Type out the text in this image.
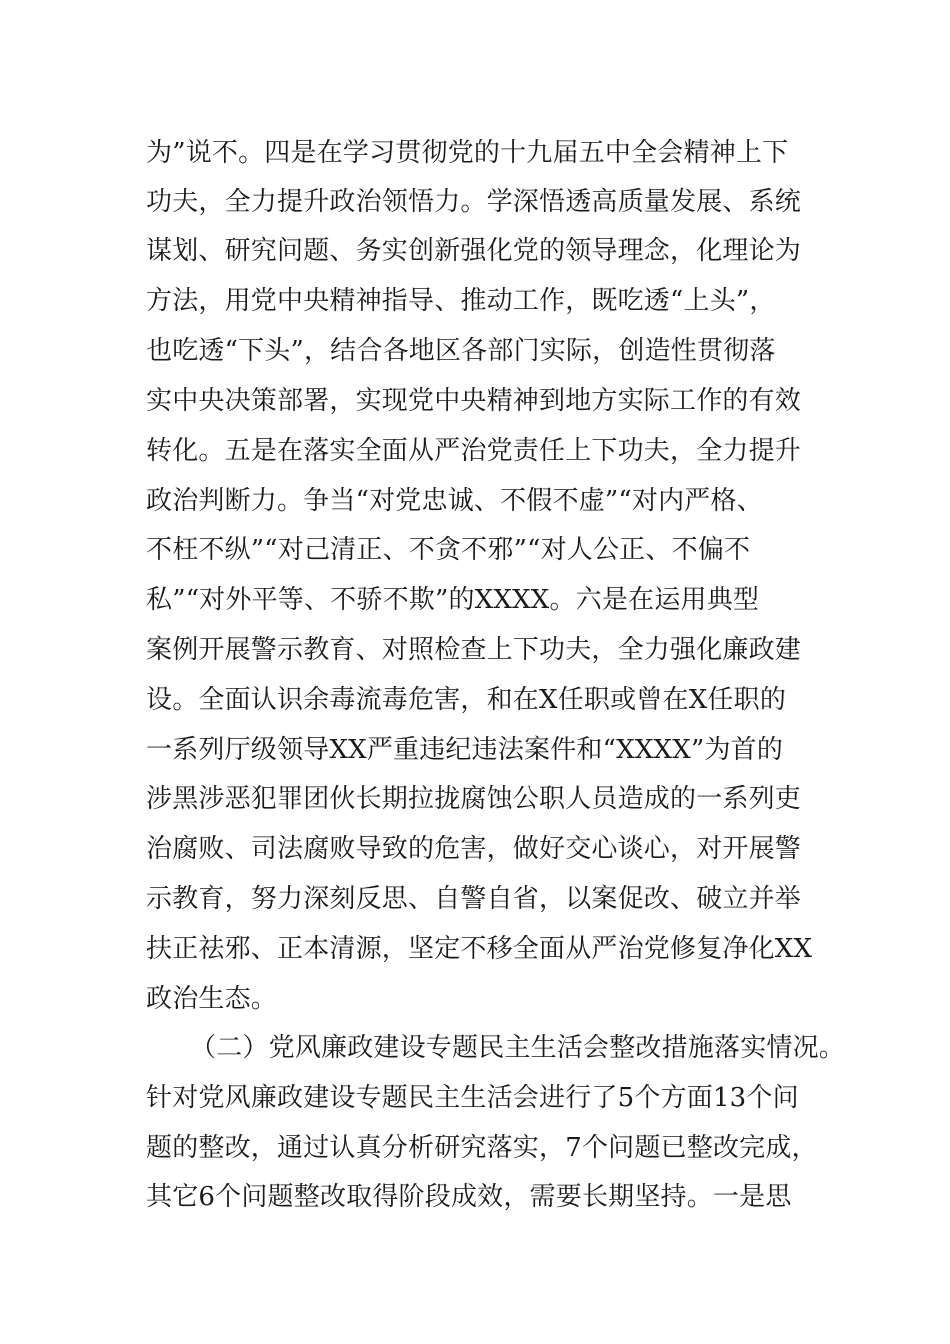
为”说不。四是在学习贯彻党的十九届五中全会精神上下
功夫，全力提升政治领悟力。学深悟透高质量发展、系统
谋划、研究问题、务实创新强化党的领导理念，化理论为
方法，用党中央精神指导、推动工作，既吃透“上头”，
也吃透“下头”，结合各地区各部门实际，创造性贯彻落
实中央决策部署，实现党中央精神到地方实际工作的有效
转化。五是在落实全面从严治党责任上下功夫，全力提升
政治判断力。争当“对党忠诚、不假不虚”“对内严格、
不枉不纵”“对己清正、不贪不邪”“对人公正、不偏不
私”“对外平等、不骄不欺”的XXXX。六是在运用典型
案例开展警示教育、对照检查上下功夫，全力强化廉政建
设。全面认识余毒流毒危害，和在X任职或曾在X任职的
一系列厅级领导XX严重违纪违法案件和“XXXX”为首的
涉黑涉恶犯罪团伙长期拉拢腐蚀公职人员造成的一系列吏
治腐败、司法腐败导致的危害，做好交心谈心，对开展警
示教育，努力深刻反思、自警自省，以案促改、破立并举
扶正祛邪、正本清源，坚定不移全面从严治党修复净化XX
政治生态。
（二）党风廉政建设专题民主生活会整改措施落实情况。
针对党风廉政建设专题民主生活会进行了5个方面13个问
题的整改，通过认真分析研究落实，7个问题已整改完成，
其它6个问题整改取得阶段成效，需要长期坚持。一是思
